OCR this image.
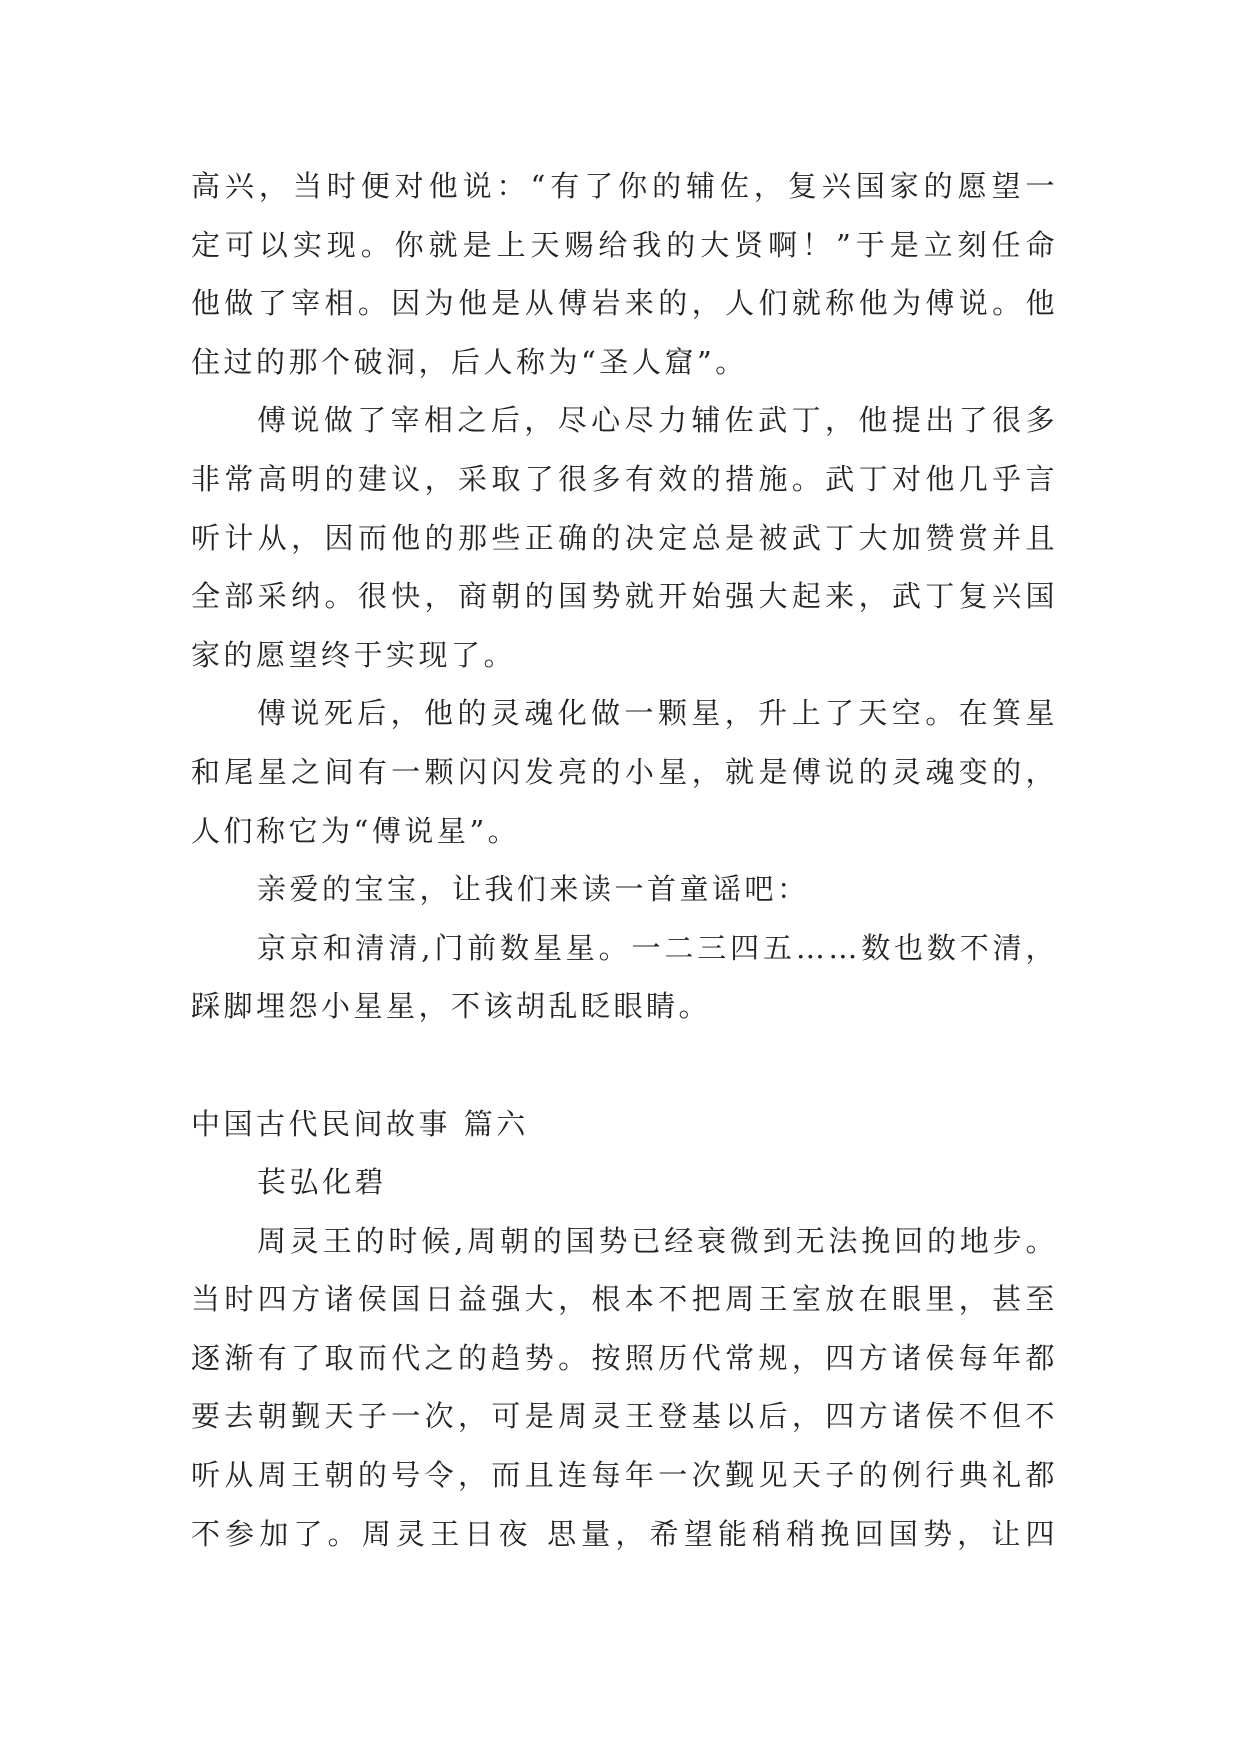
高兴，当时便对他说：“有了你的辅佐，复兴国家的愿望一
定可以实现。你就是上天赐给我的大贤啊！”于是立刻任命
他做了宰相。因为他是从傅岩来的，人们就称他为傅说。他
住过的那个破洞，后人称为“圣人窟”。
傅说做了宰相之后，尽心尽力辅佐武丁，他提出了很多
非常高明的建议，采取了很多有效的措施。武丁对他几乎言
听计从，因而他的那些正确的决定总是被武丁大加赞赏并且
全部采纳。很快，商朝的国势就开始强大起来，武丁复兴国
家的愿望终于实现了。
傅说死后，他的灵魂化做一颗星，升上了天空。在箕星
和尾星之间有一颗闪闪发亮的小星，就是傅说的灵魂变的，
人们称它为“傅说星”。
亲爱的宝宝，让我们来读一首童谣吧：
京京和清清,门前数星星。一二三四五……数也数不清，
踩脚埋怨小星星，不该胡乱眨眼睛。
中国古代民间故事 篇六
苌弘化碧
周灵王的时候,周朝的国势已经衰微到无法挽回的地步。
当时四方诸侯国日益强大，根本不把周王室放在眼里，甚至
逐渐有了取而代之的趋势。按照历代常规，四方诸侯每年都
要去朝觐天子一次，可是周灵王登基以后，四方诸侯不但不
听从周王朝的号令，而且连每年一次觐见天子的例行典礼都
不参加了。周灵王日夜 思量，希望能稍稍挽回国势，让四
